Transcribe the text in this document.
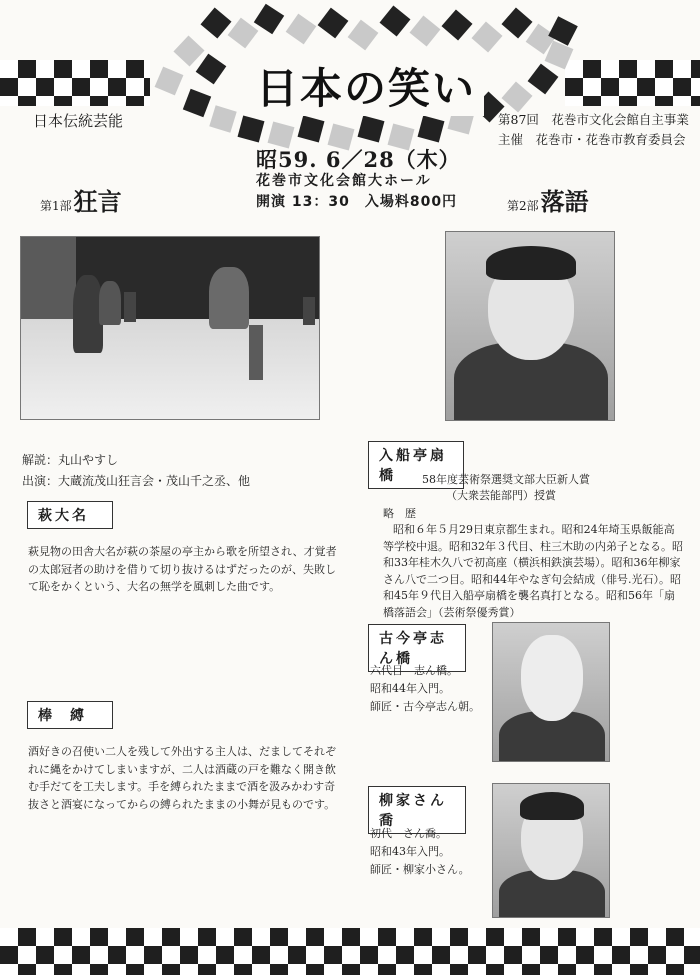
日本の笑い
日本伝統芸能	第87回　花巻市文化会館自主事業
主催　花巻市・花巻市教育委員会
昭59. 6／28（木）
花巻市文化会館大ホール
開演 13：30　入場料800円
第1部狂言	第2部落語
解説：丸山やすし
出演：大蔵流茂山狂言会・茂山千之丞、他
萩大名
萩見物の田舎大名が萩の茶屋の亭主から歌を所望され、才覚者の太郎冠者の助けを借りて切り抜けるはずだったのが、失敗して恥をかくという、大名の無学を風刺した曲です。
棒縛
酒好きの召使い二人を残して外出する主人は、だましてそれぞれに縄をかけてしまいますが、二人は酒蔵の戸を難なく開き飲む手だてを工夫します。手を縛られたままで酒を汲みかわす奇抜さと酒宴になってからの縛られたままの小舞が見ものです。
入船亭扇橋	58年度芸術祭選奨文部大臣新人賞
（大衆芸能部門）授賞
略　歴
昭和６年５月29日東京都生まれ。昭和24年埼玉県飯能高等学校中退。昭和32年３代目、柱三木助の内弟子となる。昭和33年桂木久八で初高座（横浜相鉄演芸場）。昭和36年柳家さん八で二つ目。昭和44年やなぎ句会結成（俳号.光石）。昭和45年９代目入船亭扇橋を襲名真打となる。昭和56年「扇橋落語会」（芸術祭優秀賞）
古今亭志ん橋
六代目　志ん橋。
昭和44年入門。
師匠・古今亭志ん朝。
柳家さん喬
初代　さん喬。
昭和43年入門。
師匠・柳家小さん。
